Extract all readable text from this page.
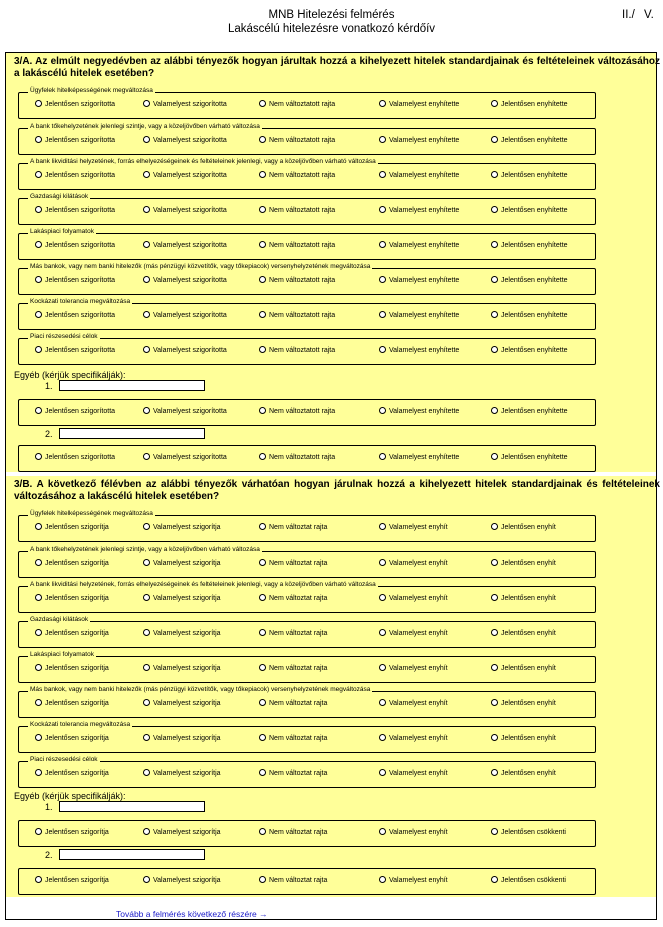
MNB Hitelezési felmérés
Lakáscélú hitelezésre vonatkozó kérdőív
II./ V.
3/A. Az elmúlt negyedévben az alábbi tényezők hogyan járultak hozzá a kihelyezett hitelek standardjainak és feltételeinek változásához a lakáscélú hitelek esetében?
Ügyfelek hitelképességének megváltozása
Jelentősen szigorította	Valamelyest szigorította	Nem változtatott rajta	Valamelyest enyhítette	Jelentősen enyhítette
A bank tőkehelyzetének jelenlegi szintje, vagy a közeljövőben várható változása
Jelentősen szigorította	Valamelyest szigorította	Nem változtatott rajta	Valamelyest enyhítette	Jelentősen enyhítette
A bank likviditási helyzetének, forrás elhelyezéségeinek és feltételeinek jelenlegi, vagy a közeljövőben várható változása
Jelentősen szigorította	Valamelyest szigorította	Nem változtatott rajta	Valamelyest enyhítette	Jelentősen enyhítette
Gazdasági kilátások
Jelentősen szigorította	Valamelyest szigorította	Nem változtatott rajta	Valamelyest enyhítette	Jelentősen enyhítette
Lakáspiaci folyamatok
Jelentősen szigorította	Valamelyest szigorította	Nem változtatott rajta	Valamelyest enyhítette	Jelentősen enyhítette
Más bankok, vagy nem banki hitelezők (más pénzügyi közvetítők, vagy tőkepiacok) versenyhelyzetének megváltozása
Jelentősen szigorította	Valamelyest szigorította	Nem változtatott rajta	Valamelyest enyhítette	Jelentősen enyhítette
Kockázati tolerancia megváltozása
Jelentősen szigorította	Valamelyest szigorította	Nem változtatott rajta	Valamelyest enyhítette	Jelentősen enyhítette
Piaci részesedési célok
Jelentősen szigorította	Valamelyest szigorította	Nem változtatott rajta	Valamelyest enyhítette	Jelentősen enyhítette
Egyéb (kérjük specifikálják):
1.
Jelentősen szigorította	Valamelyest szigorította	Nem változtatott rajta	Valamelyest enyhítette	Jelentősen enyhítette
2.
Jelentősen szigorította	Valamelyest szigorította	Nem változtatott rajta	Valamelyest enyhítette	Jelentősen enyhítette
3/B. A következő félévben az alábbi tényezők várhatóan hogyan járulnak hozzá a kihelyezett hitelek standardjainak és feltételeinek változásához a lakáscélú hitelek esetében?
Ügyfelek hitelképességének megváltozása
Jelentősen szigorítja	Valamelyest szigorítja	Nem változtat rajta	Valamelyest enyhít	Jelentősen enyhít
A bank tőkehelyzetének jelenlegi szintje, vagy a közeljövőben várható változása
Jelentősen szigorítja	Valamelyest szigorítja	Nem változtat rajta	Valamelyest enyhít	Jelentősen enyhít
A bank likviditási helyzetének, forrás elhelyezéségeinek és feltételeinek jelenlegi, vagy a közeljövőben várható változása
Jelentősen szigorítja	Valamelyest szigorítja	Nem változtat rajta	Valamelyest enyhít	Jelentősen enyhít
Gazdasági kilátások
Jelentősen szigorítja	Valamelyest szigorítja	Nem változtat rajta	Valamelyest enyhít	Jelentősen enyhít
Lakáspiaci folyamatok
Jelentősen szigorítja	Valamelyest szigorítja	Nem változtat rajta	Valamelyest enyhít	Jelentősen enyhít
Más bankok, vagy nem banki hitelezők (más pénzügyi közvetítők, vagy tőkepiacok) versenyhelyzetének megváltozása
Jelentősen szigorítja	Valamelyest szigorítja	Nem változtat rajta	Valamelyest enyhít	Jelentősen enyhít
Kockázati tolerancia megváltozása
Jelentősen szigorítja	Valamelyest szigorítja	Nem változtat rajta	Valamelyest enyhít	Jelentősen enyhít
Piaci részesedési célok
Jelentősen szigorítja	Valamelyest szigorítja	Nem változtat rajta	Valamelyest enyhít	Jelentősen enyhít
Egyéb (kérjük specifikálják):
1.
Jelentősen szigorítja	Valamelyest szigorítja	Nem változtat rajta	Valamelyest enyhít	Jelentősen csökkenti
2.
Jelentősen szigorítja	Valamelyest szigorítja	Nem változtat rajta	Valamelyest enyhít	Jelentősen csökkenti
Tovább a felmérés következő részére →
